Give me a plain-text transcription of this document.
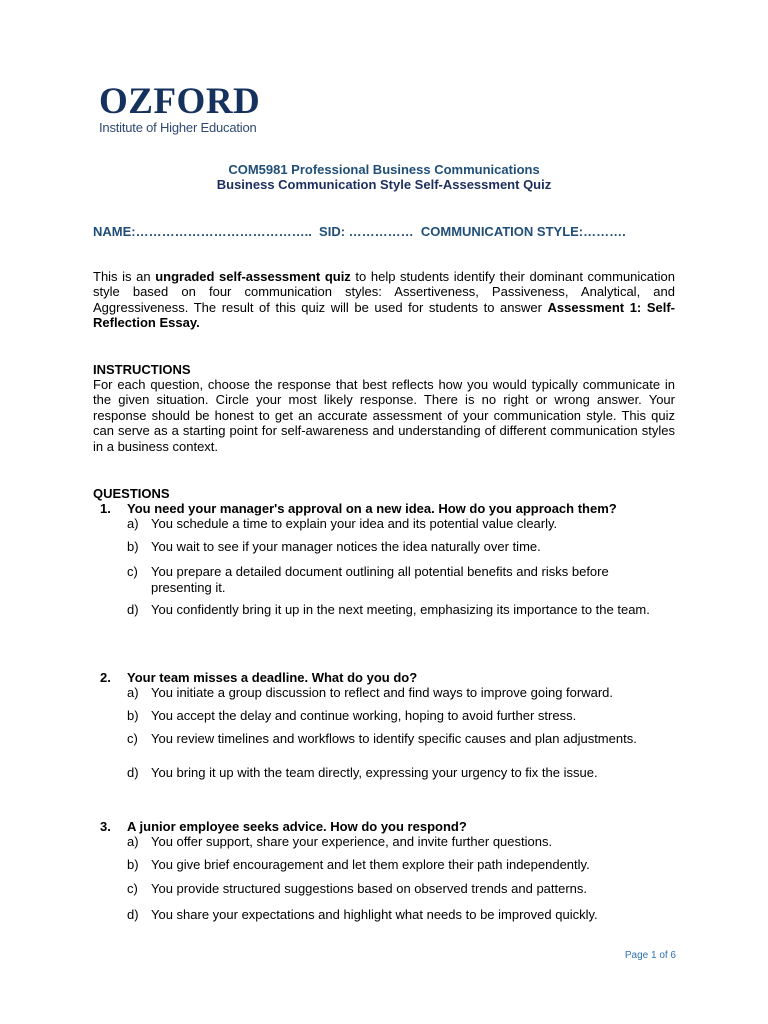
OZFORD
Institute of Higher Education
COM5981 Professional Business Communications
Business Communication Style Self-Assessment Quiz
NAME:…………………………………..  SID: ……………  COMMUNICATION STYLE:……….

This is an ungraded self-assessment quiz to help students identify their dominant communication style based on four communication styles: Assertiveness, Passiveness, Analytical, and Aggressiveness. The result of this quiz will be used for students to answer Assessment 1: Self-Reflection Essay.

INSTRUCTIONS

For each question, choose the response that best reflects how you would typically communicate in the given situation. Circle your most likely response. There is no right or wrong answer. Your response should be honest to get an accurate assessment of your communication style. This quiz can serve as a starting point for self-awareness and understanding of different communication styles in a business context.

QUESTIONS
1. You need your manager's approval on a new idea. How do you approach them?
a) You schedule a time to explain your idea and its potential value clearly.
b) You wait to see if your manager notices the idea naturally over time.
c)	You prepare a detailed document outlining all potential benefits and risks before presenting it.
d) You confidently bring it up in the next meeting, emphasizing its importance to the team.
2. Your team misses a deadline. What do you do?
a) You initiate a group discussion to reflect and find ways to improve going forward.
b) You accept the delay and continue working, hoping to avoid further stress.
c)	You review timelines and workflows to identify specific causes and plan adjustments.
d) You bring it up with the team directly, expressing your urgency to fix the issue.
3. A junior employee seeks advice. How do you respond?
a) You offer support, share your experience, and invite further questions.
b) You give brief encouragement and let them explore their path independently.
c)	You provide structured suggestions based on observed trends and patterns.
d) You share your expectations and highlight what needs to be improved quickly.
Page 1 of 6
